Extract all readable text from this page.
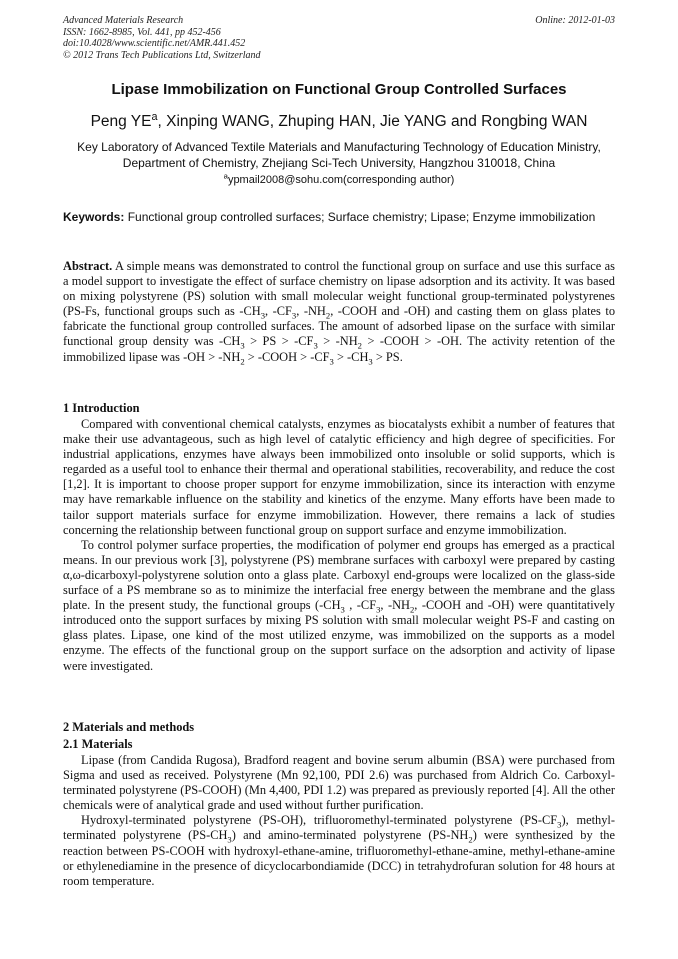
Advanced Materials Research
ISSN: 1662-8985, Vol. 441, pp 452-456
doi:10.4028/www.scientific.net/AMR.441.452
© 2012 Trans Tech Publications Ltd, Switzerland
Online: 2012-01-03
Lipase Immobilization on Functional Group Controlled Surfaces
Peng $YE^a$, Xinping WANG, Zhuping HAN, Jie YANG and Rongbing WAN
Key Laboratory of Advanced Textile Materials and Manufacturing Technology of Education Ministry,
Department of Chemistry, Zhejiang Sci-Tech University, Hangzhou 310018, China
$^a$ypmail2008@sohu.com(corresponding author)
Keywords: Functional group controlled surfaces; Surface chemistry; Lipase; Enzyme immobilization

Abstract. A simple means was demonstrated to control the functional group on surface and use this surface as a model support to investigate the effect of surface chemistry on lipase adsorption and its activity. It was based on mixing polystyrene (PS) solution with small molecular weight functional group-terminated polystyrenes (PS-Fs, functional groups such as $-CH_3$, $-CF_3$, $-NH_2$, -COOH and -OH) and casting them on glass plates to fabricate the functional group controlled surfaces. The amount of adsorbed lipase on the surface with similar functional group density was $-CH_3$ > PS > $-CF_3 > -NH_2$ > -COOH > -OH. The activity retention of the immobilized lipase was $-OH > -NH_2$ > -COOH > $-CF_3 > -CH_3$ > PS.

1 Introduction

Compared with conventional chemical catalysts, enzymes as biocatalysts exhibit a number of features that make their use advantageous, such as high level of catalytic efficiency and high degree of specificities. For industrial applications, enzymes have always been immobilized onto insoluble or solid supports, which is regarded as a useful tool to enhance their thermal and operational stabilities, recoverability, and reduce the cost [1,2]. It is important to choose proper support for enzyme immobilization, since its interaction with enzyme may have remarkable influence on the stability and kinetics of the enzyme. Many efforts have been made to tailor support materials surface for enzyme immobilization. However, there remains a lack of studies concerning the relationship between functional group on support surface and enzyme immobilization.

To control polymer surface properties, the modification of polymer end groups has emerged as a practical means. In our previous work [3], polystyrene (PS) membrane surfaces with carboxyl were prepared by casting α,ω-dicarboxyl-polystyrene solution onto a glass plate. Carboxyl end-groups were localized on the glass-side surface of a PS membrane so as to minimize the interfacial free energy between the membrane and the glass plate. In the present study, the functional groups ($-CH_3$ , $-CF_3$, $-NH_2$, -COOH and -OH) were quantitatively introduced onto the support surfaces by mixing PS solution with small molecular weight PS-F and casting on glass plates. Lipase, one kind of the most utilized enzyme, was immobilized on the supports as a model enzyme. The effects of the functional group on the support surface on the adsorption and activity of lipase were investigated.

2 Materials and methods
2.1 Materials

Lipase (from Candida Rugosa), Bradford reagent and bovine serum albumin (BSA) were purchased from Sigma and used as received. Polystyrene (Mn 92,100, PDI 2.6) was purchased from Aldrich Co. Carboxyl-terminated polystyrene (PS-COOH) (Mn 4,400, PDI 1.2) was prepared as previously reported [4]. All the other chemicals were of analytical grade and used without further purification.

Hydroxyl-terminated polystyrene (PS-OH), trifluoromethyl-terminated polystyrene $(PS-CF_3)$, methyl-terminated polystyrene $(PS-CH_3)$ and amino-terminated polystyrene $(PS-NH_2)$ were synthesized by the reaction between PS-COOH with hydroxyl-ethane-amine, trifluoromethyl-ethane-amine, methyl-ethane-amine or ethylenediamine in the presence of dicyclocarbondiamide (DCC) in tetrahydrofuran solution for 48 hours at room temperature.
